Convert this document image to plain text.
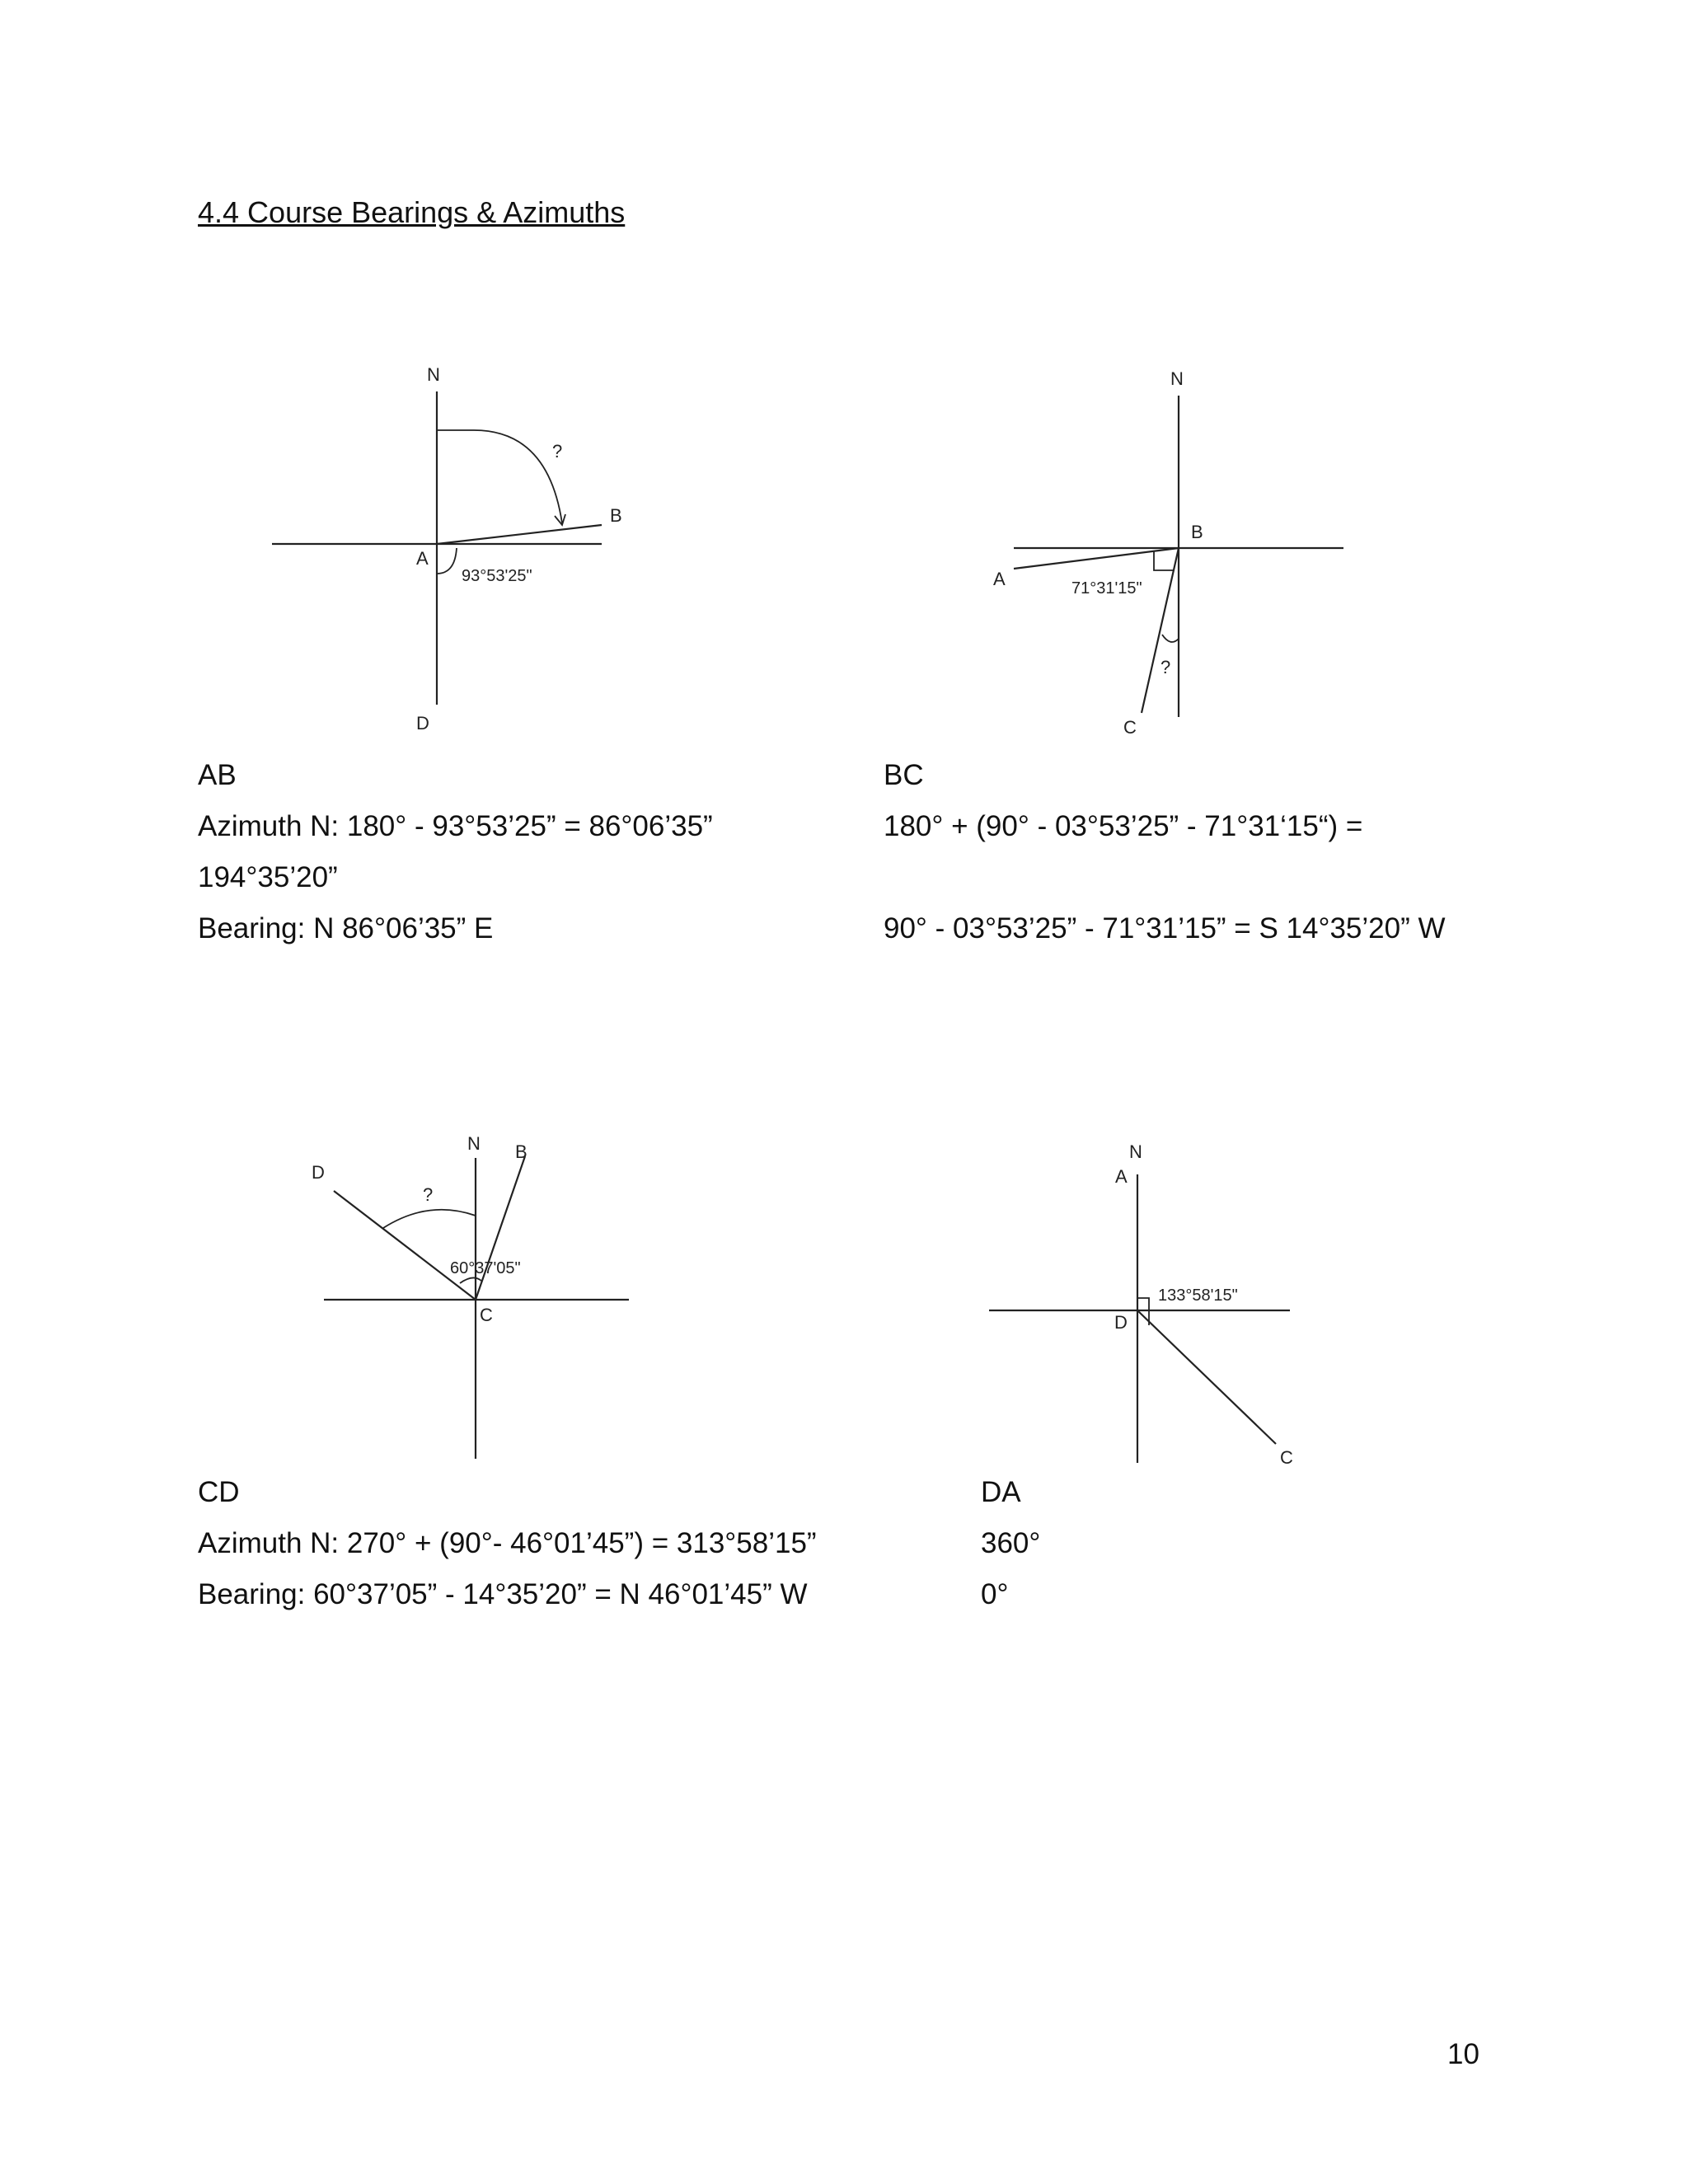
4.4 Course Bearings & Azimuths
N
A
B
D
?
93°53'25"
N
B
A
C
?
71°31'15"
N B
D
C
?
60°37'05"
N
A
D
C
133°58'15"
AB
Azimuth N: 180° - 93°53’25” = 86°06’35”
194°35’20”
Bearing: N 86°06’35” E
BC
180° + (90° - 03°53’25” - 71°31‘15“) =
90° - 03°53’25” - 71°31’15” = S 14°35’20” W
CD
Azimuth N: 270° + (90°- 46°01’45”) = 313°58’15”
Bearing: 60°37’05” - 14°35’20” = N 46°01’45” W
DA
360°
0°
10
